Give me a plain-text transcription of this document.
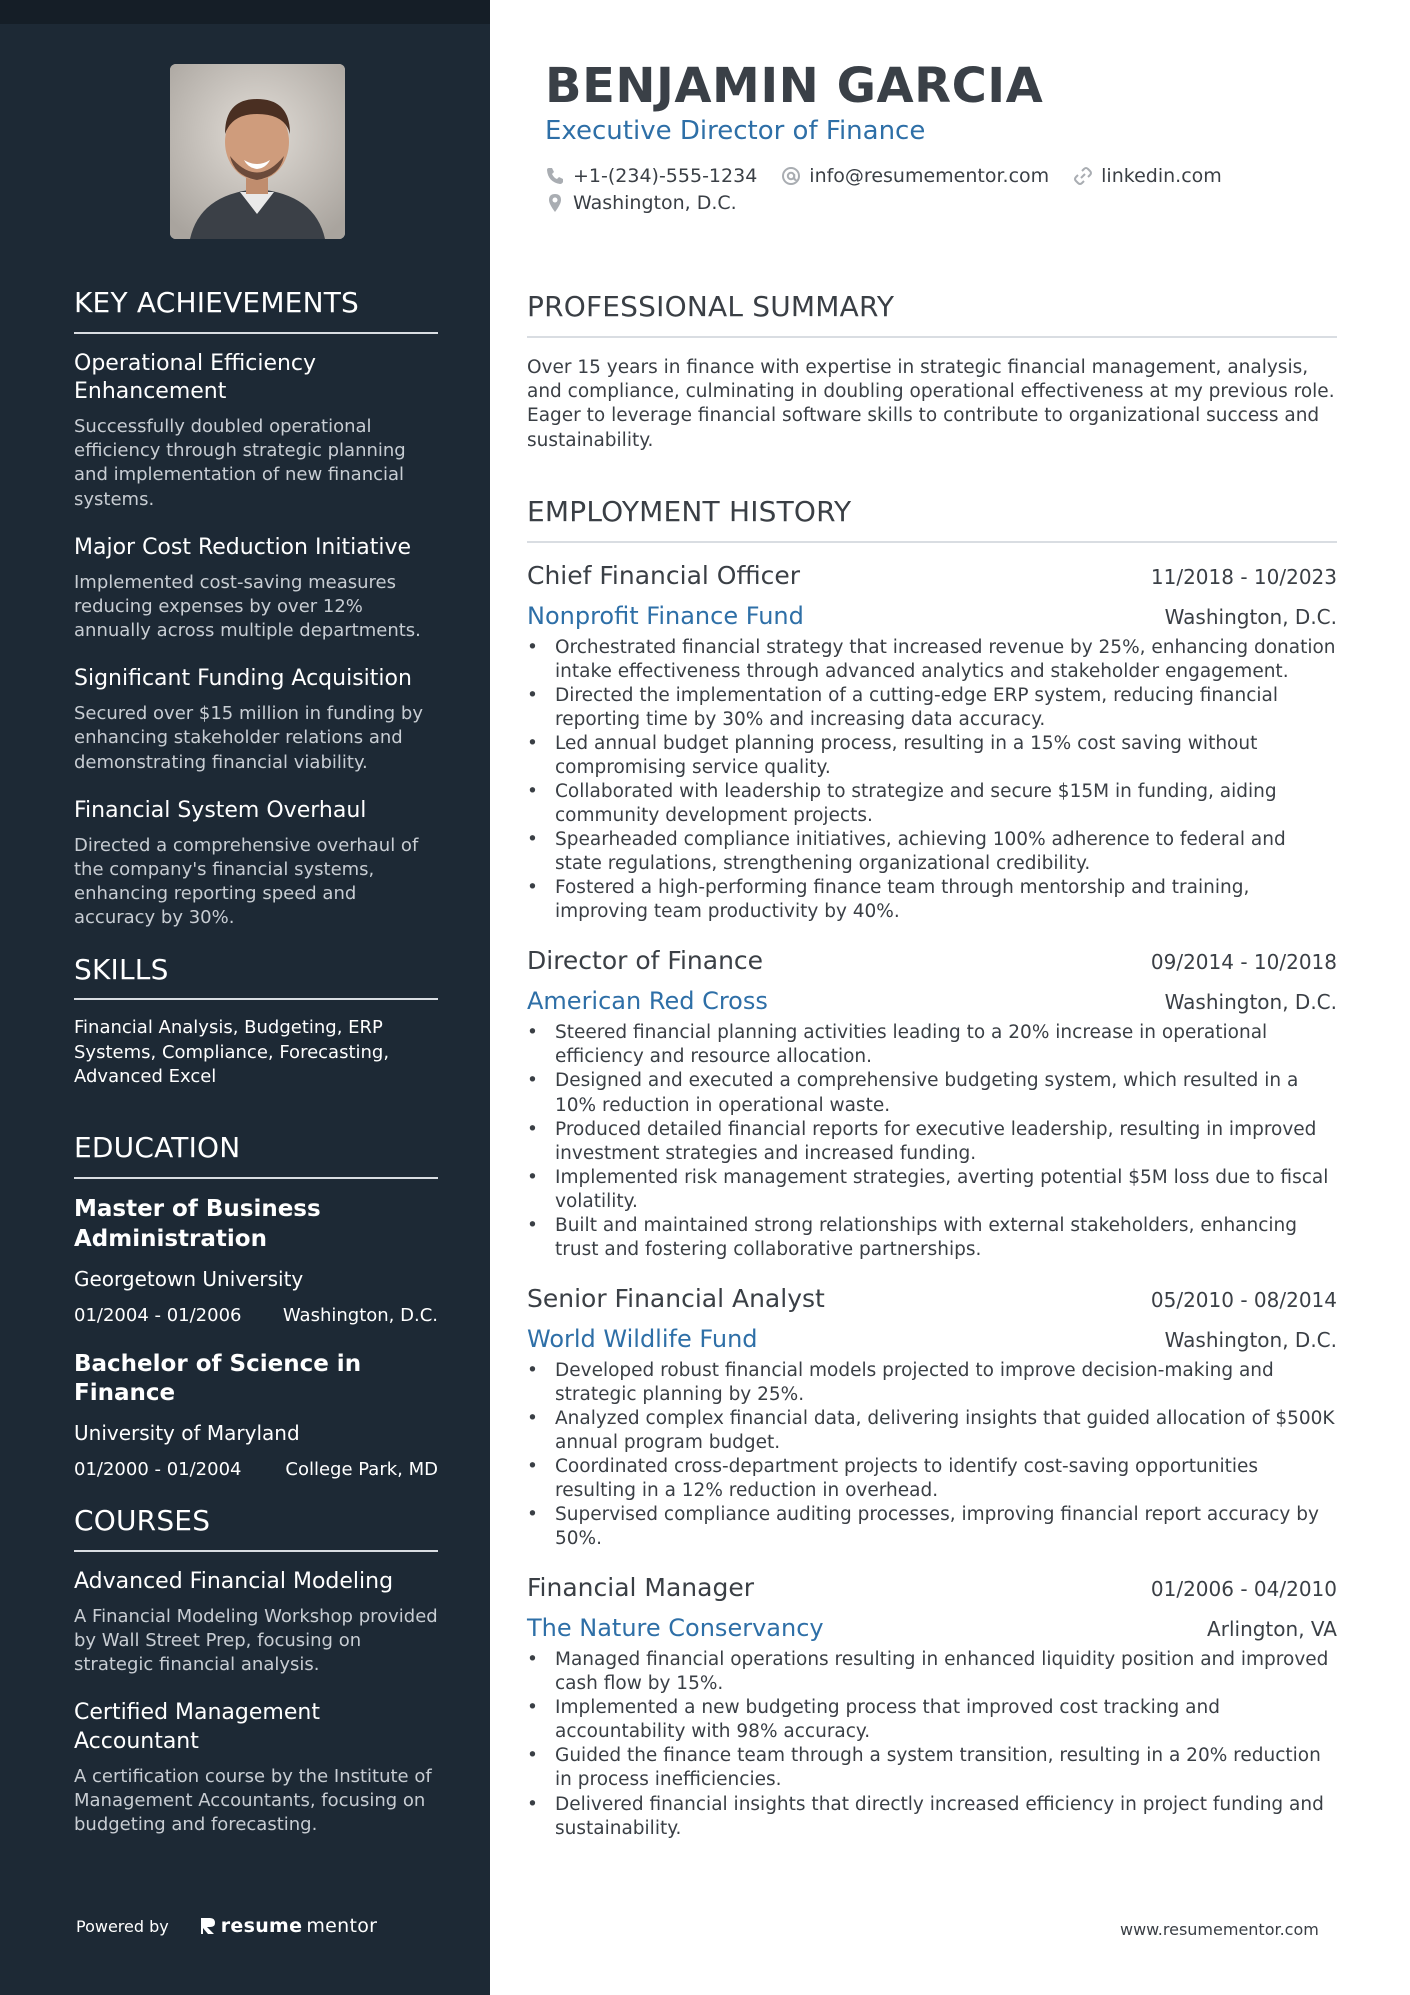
KEY ACHIEVEMENTS
Operational Efficiency Enhancement
Successfully doubled operational efficiency through strategic planning and implementation of new financial systems.
Major Cost Reduction Initiative
Implemented cost-saving measures reducing expenses by over 12% annually across multiple departments.
Significant Funding Acquisition
Secured over $15 million in funding by enhancing stakeholder relations and demonstrating financial viability.
Financial System Overhaul
Directed a comprehensive overhaul of the company's financial systems, enhancing reporting speed and accuracy by 30%.
SKILLS
Financial Analysis, Budgeting, ERP Systems, Compliance, Forecasting, Advanced Excel
EDUCATION
Master of Business Administration
Georgetown University
01/2004 - 01/2006 Washington, D.C.
Bachelor of Science in Finance
University of Maryland
01/2000 - 01/2004 College Park, MD
COURSES
Advanced Financial Modeling
A Financial Modeling Workshop provided by Wall Street Prep, focusing on strategic financial analysis.
Certified Management Accountant
A certification course by the Institute of Management Accountants, focusing on budgeting and forecasting.
Powered by	resume mentor
BENJAMIN GARCIA
Executive Director of Finance
+1-(234)-555-1234	info@resumementor.com	linkedin.com
Washington, D.C.
PROFESSIONAL SUMMARY
Over 15 years in finance with expertise in strategic financial management, analysis, and compliance, culminating in doubling operational effectiveness at my previous role. Eager to leverage financial software skills to contribute to organizational success and sustainability.
EMPLOYMENT HISTORY
Chief Financial Officer	11/2018 - 10/2023
Nonprofit Finance Fund	Washington, D.C.
• Orchestrated financial strategy that increased revenue by 25%, enhancing donation intake effectiveness through advanced analytics and stakeholder engagement.
• Directed the implementation of a cutting-edge ERP system, reducing financial reporting time by 30% and increasing data accuracy.
• Led annual budget planning process, resulting in a 15% cost saving without compromising service quality.
• Collaborated with leadership to strategize and secure $15M in funding, aiding community development projects.
• Spearheaded compliance initiatives, achieving 100% adherence to federal and state regulations, strengthening organizational credibility.
• Fostered a high-performing finance team through mentorship and training, improving team productivity by 40%.
Director of Finance	09/2014 - 10/2018
American Red Cross	Washington, D.C.
• Steered financial planning activities leading to a 20% increase in operational efficiency and resource allocation.
• Designed and executed a comprehensive budgeting system, which resulted in a 10% reduction in operational waste.
• Produced detailed financial reports for executive leadership, resulting in improved investment strategies and increased funding.
• Implemented risk management strategies, averting potential $5M loss due to fiscal volatility.
• Built and maintained strong relationships with external stakeholders, enhancing trust and fostering collaborative partnerships.
Senior Financial Analyst	05/2010 - 08/2014
World Wildlife Fund	Washington, D.C.
• Developed robust financial models projected to improve decision-making and strategic planning by 25%.
• Analyzed complex financial data, delivering insights that guided allocation of $500K annual program budget.
• Coordinated cross-department projects to identify cost-saving opportunities resulting in a 12% reduction in overhead.
• Supervised compliance auditing processes, improving financial report accuracy by 50%.
Financial Manager	01/2006 - 04/2010
The Nature Conservancy	Arlington, VA
• Managed financial operations resulting in enhanced liquidity position and improved cash flow by 15%.
• Implemented a new budgeting process that improved cost tracking and accountability with 98% accuracy.
• Guided the finance team through a system transition, resulting in a 20% reduction in process inefficiencies.
• Delivered financial insights that directly increased efficiency in project funding and sustainability.
www.resumementor.com
